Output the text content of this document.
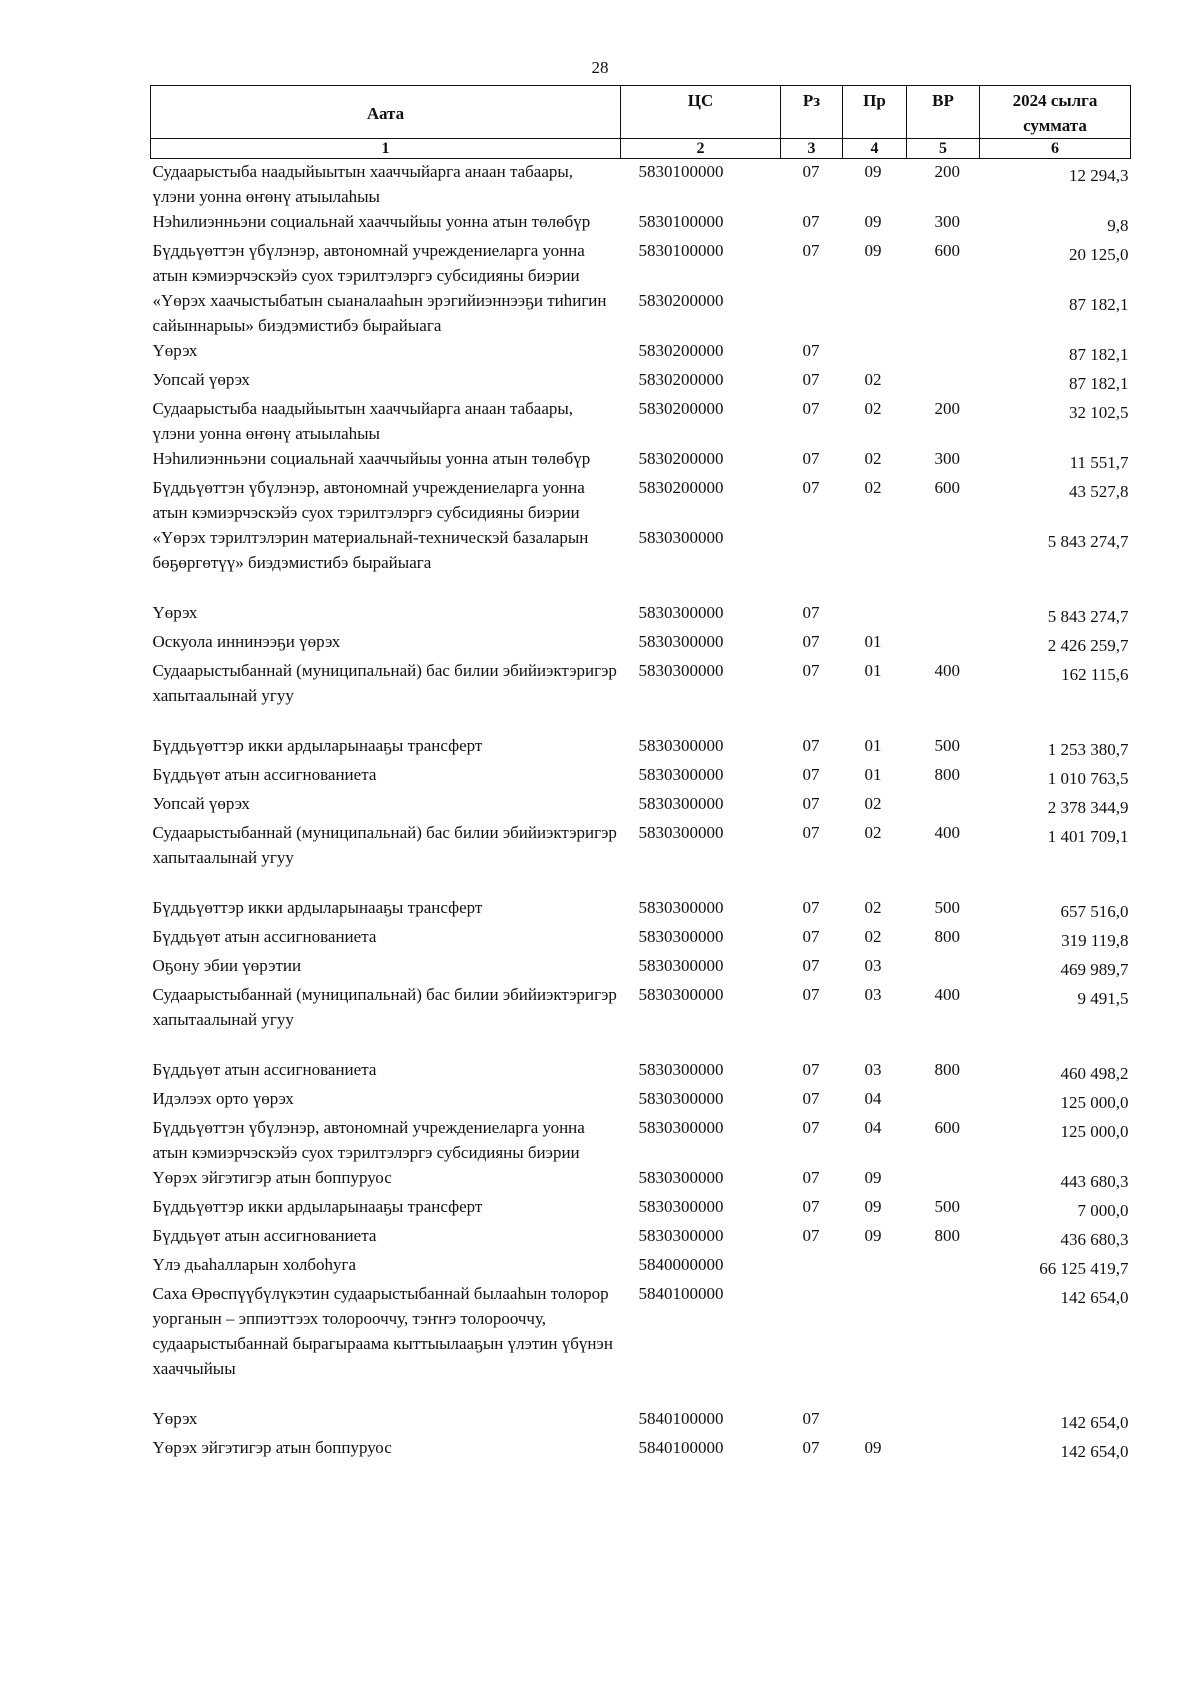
28
Аата	ЦС	Рз	Пр	ВР	2024 сылга суммата
1	2	3	4	5	6
Судаарыстыба наадыйыытын хааччыйарга анаан табаары, үлэни уонна өҥөнү атыылаһыы	5830100000	07	09	200	12 294,3
Нэһилиэнньэни социальнай хааччыйыы уонна атын төлөбүр	5830100000	07	09	300	9,8
Бүддьүөттэн үбүлэнэр, автономнай учреждениеларга уонна атын кэмиэрчэскэйэ суох тэрилтэлэргэ субсидияны биэрии	5830100000	07	09	600	20 125,0
«Үөрэх хаачыстыбатын сыаналааһын эрэгийиэннээҕи тиһигин сайыннарыы» биэдэмистибэ бырайыага	5830200000				87 182,1
Үөрэх	5830200000	07			87 182,1
Уопсай үөрэх	5830200000	07	02		87 182,1
Судаарыстыба наадыйыытын хааччыйарга анаан табаары, үлэни уонна өҥөнү атыылаһыы	5830200000	07	02	200	32 102,5
Нэһилиэнньэни социальнай хааччыйыы уонна атын төлөбүр	5830200000	07	02	300	11 551,7
Бүддьүөттэн үбүлэнэр, автономнай учреждениеларга уонна атын кэмиэрчэскэйэ суох тэрилтэлэргэ субсидияны биэрии	5830200000	07	02	600	43 527,8
«Үөрэх тэрилтэлэрин материальнай-техническэй базаларын бөҕөргөтүү» биэдэмистибэ бырайыага	5830300000				5 843 274,7

Үөрэх	5830300000	07			5 843 274,7
Оскуола иннинээҕи үөрэх	5830300000	07	01		2 426 259,7
Судаарыстыбаннай (муниципальнай) бас билии эбийиэктэригэр хапытаалынай угуу	5830300000	07	01	400	162 115,6

Бүддьүөттэр икки ардыларынааҕы трансферт	5830300000	07	01	500	1 253 380,7
Бүддьүөт атын ассигнованиета	5830300000	07	01	800	1 010 763,5
Уопсай үөрэх	5830300000	07	02		2 378 344,9
Судаарыстыбаннай (муниципальнай) бас билии эбийиэктэригэр хапытаалынай угуу	5830300000	07	02	400	1 401 709,1

Бүддьүөттэр икки ардыларынааҕы трансферт	5830300000	07	02	500	657 516,0
Бүддьүөт атын ассигнованиета	5830300000	07	02	800	319 119,8
Оҕону эбии үөрэтии	5830300000	07	03		469 989,7
Судаарыстыбаннай (муниципальнай) бас билии эбийиэктэригэр хапытаалынай угуу	5830300000	07	03	400	9 491,5

Бүддьүөт атын ассигнованиета	5830300000	07	03	800	460 498,2
Идэлээх орто үөрэх	5830300000	07	04		125 000,0
Бүддьүөттэн үбүлэнэр, автономнай учреждениеларга уонна атын кэмиэрчэскэйэ суох тэрилтэлэргэ субсидияны биэрии	5830300000	07	04	600	125 000,0
Үөрэх эйгэтигэр атын боппуруос	5830300000	07	09		443 680,3
Бүддьүөттэр икки ардыларынааҕы трансферт	5830300000	07	09	500	7 000,0
Бүддьүөт атын ассигнованиета	5830300000	07	09	800	436 680,3
Үлэ дьаһалларын холбоһуга	5840000000				66 125 419,7
Саха Өрөспүүбүлүкэтин судаарыстыбаннай былааһын толорор уорганын – эппиэттээх толорооччу, тэҥҥэ толорооччу, судаарыстыбаннай бырагыраама кыттыылааҕын үлэтин үбүнэн хааччыйыы	5840100000				142 654,0

Үөрэх	5840100000	07			142 654,0
Үөрэх эйгэтигэр атын боппуруос	5840100000	07	09		142 654,0
